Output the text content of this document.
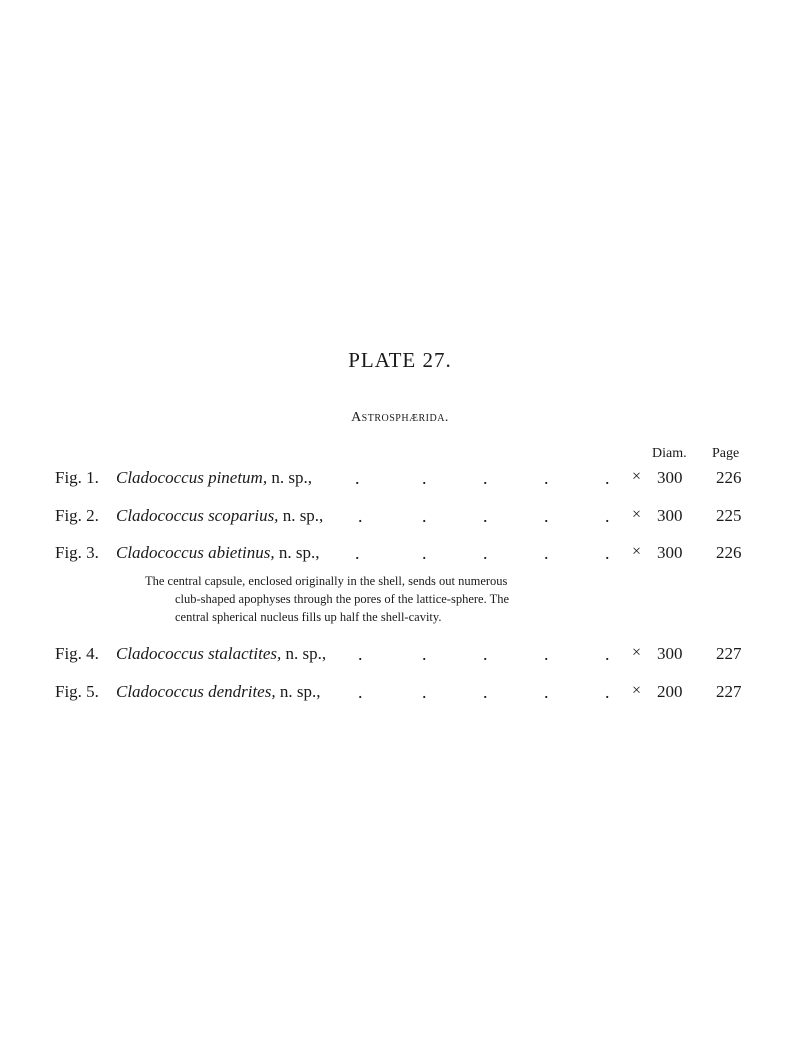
PLATE 27.
Astrosphærida.
Diam. Page
Fig. 1. Cladococcus pinetum, n. sp., .	.	.	.	. × 300 226
Fig. 2. Cladococcus scoparius, n. sp., .	.	.	.	. × 300 225
Fig. 3. Cladococcus abietinus, n. sp., .	.	.	.	. × 300 226

The central capsule, enclosed originally in the shell, sends out numerous

club-shaped apophyses through the pores of the lattice-sphere. The

central spherical nucleus fills up half the shell-cavity.

Fig. 4. Cladococcus stalactites, n. sp., .	.	.	.	. × 300 227
Fig. 5. Cladococcus dendrites, n. sp., .	.	.	.	. × 200 227
